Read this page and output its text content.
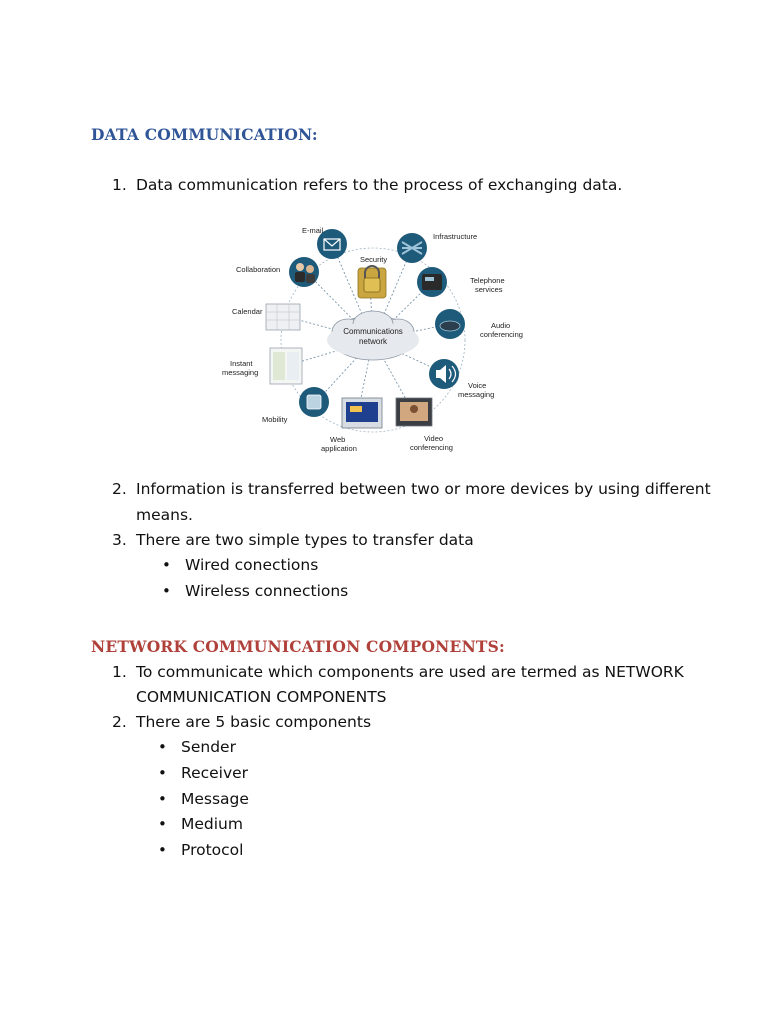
DATA COMMUNICATION:
1. Data communication refers to the process of exchanging data.
Communications
network
E-mail
Security
Infrastructure
Collaboration
Telephone
services
Calendar
Audio
conferencing
Instant
messaging
Voice
messaging
Mobility
Web
application
Video
conferencing
2. Information is transferred between two or more devices by using different
means.
3. There are two simple types to transfer data
• Wired conections
• Wireless connections
NETWORK COMMUNICATION COMPONENTS:
1. To communicate which components are used are termed as NETWORK
COMMUNICATION COMPONENTS
2. There are 5 basic components
• Sender
• Receiver
• Message
• Medium
• Protocol
